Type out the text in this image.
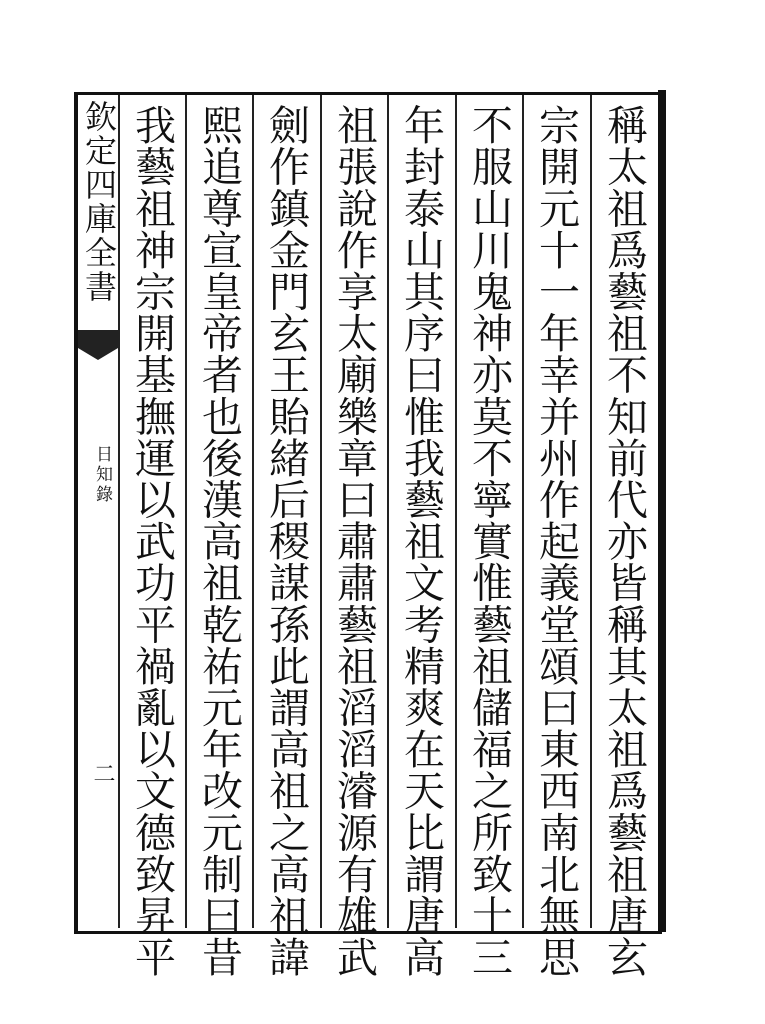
欽定四庫全書
日知錄
二	稱太祖爲藝祖不知前代亦皆稱其太祖爲藝祖唐玄
宗開元十一年幸并州作起義堂頌曰東西南北無思
不服山川鬼神亦莫不寧實惟藝祖儲福之所致十三
年封泰山其序曰惟我藝祖文考精爽在天比謂唐高
祖張說作享太廟樂章曰肅肅藝祖滔滔濬源有雄武
劍作鎮金門玄王貽緒后稷謀孫此謂高祖之高祖諱
熙追尊宣皇帝者也後漢高祖乾祐元年改元制曰昔
我藝祖神宗開基撫運以武功平禍亂以文德致昇平
